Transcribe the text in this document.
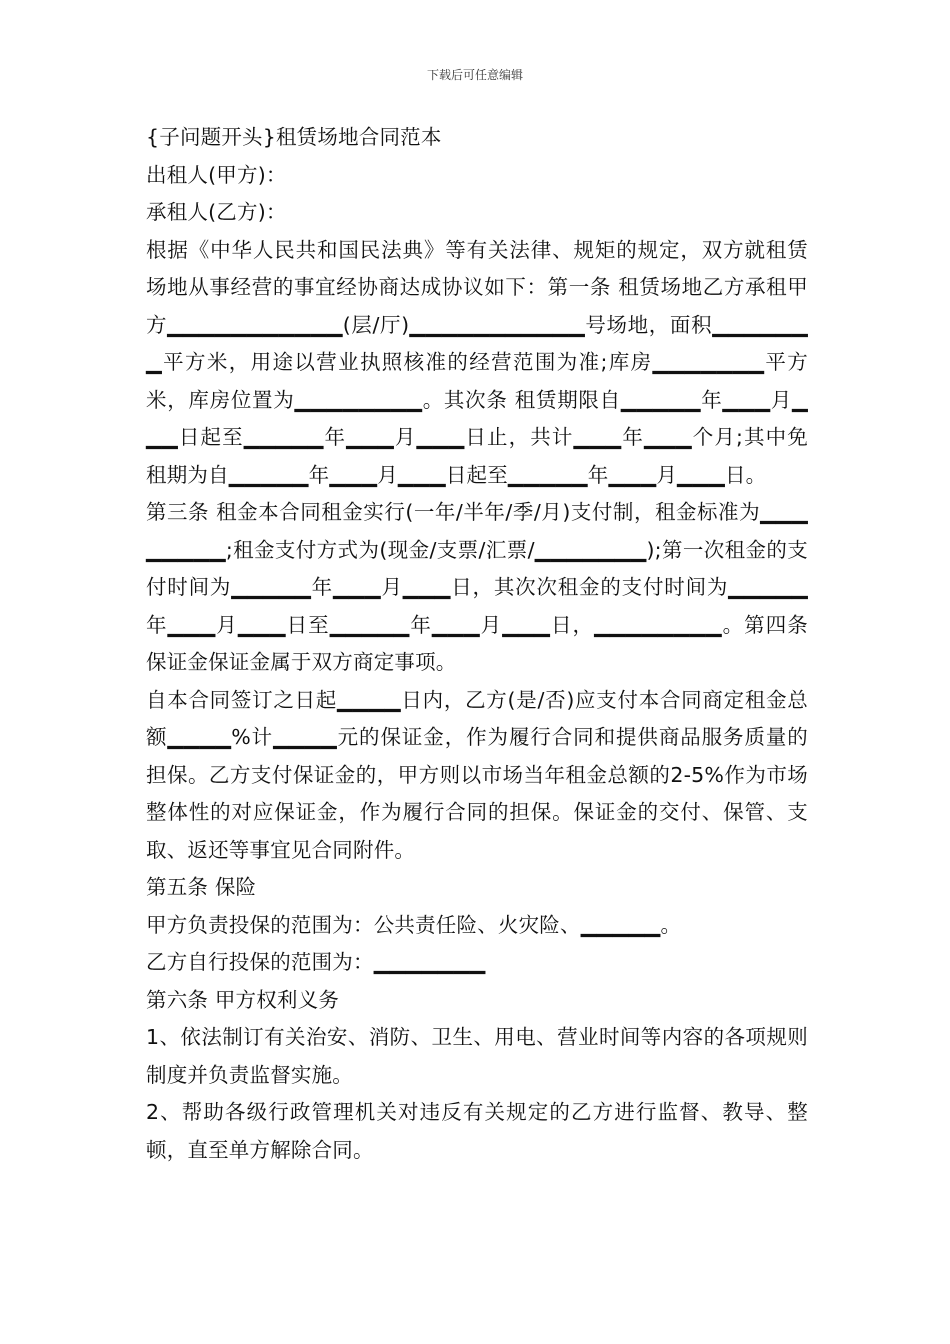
下载后可任意编辑

{子问题开头}租赁场地合同范本

出租人(甲方)：

承租人(乙方)：

根据《中华人民共和国民法典》等有关法律、规矩的规定，双方就租赁场地从事经营的事宜经协商达成协议如下：第一条 租赁场地乙方承租甲方▁▁▁▁▁▁▁▁▁▁▁(层/厅)▁▁▁▁▁▁▁▁▁▁▁号场地，面积▁▁▁▁▁▁▁平方米，用途以营业执照核准的经营范围为准;库房▁▁▁▁▁▁▁平方米，库房位置为▁▁▁▁▁▁▁▁。其次条 租赁期限自▁▁▁▁▁年▁▁▁月▁▁▁日起至▁▁▁▁▁年▁▁▁月▁▁▁日止，共计▁▁▁年▁▁▁个月;其中免租期为自▁▁▁▁▁年▁▁▁月▁▁▁日起至▁▁▁▁▁年▁▁▁月▁▁▁日。

第三条 租金本合同租金实行(一年/半年/季/月)支付制，租金标准为▁▁▁▁▁▁▁▁;租金支付方式为(现金/支票/汇票/▁▁▁▁▁▁▁);第一次租金的支付时间为▁▁▁▁▁年▁▁▁月▁▁▁日，其次次租金的支付时间为▁▁▁▁▁年▁▁▁月▁▁▁日至▁▁▁▁▁年▁▁▁月▁▁▁日，▁▁▁▁▁▁▁▁。第四条 保证金保证金属于双方商定事项。

自本合同签订之日起▁▁▁▁日内，乙方(是/否)应支付本合同商定租金总额▁▁▁▁%计▁▁▁▁元的保证金，作为履行合同和提供商品服务质量的担保。乙方支付保证金的，甲方则以市场当年租金总额的2-5%作为市场整体性的对应保证金，作为履行合同的担保。保证金的交付、保管、支取、返还等事宜见合同附件。

第五条 保险

甲方负责投保的范围为：公共责任险、火灾险、▁▁▁▁▁。

乙方自行投保的范围为：▁▁▁▁▁▁▁

第六条 甲方权利义务

1、依法制订有关治安、消防、卫生、用电、营业时间等内容的各项规则制度并负责监督实施。

2、帮助各级行政管理机关对违反有关规定的乙方进行监督、教导、整顿，直至单方解除合同。
